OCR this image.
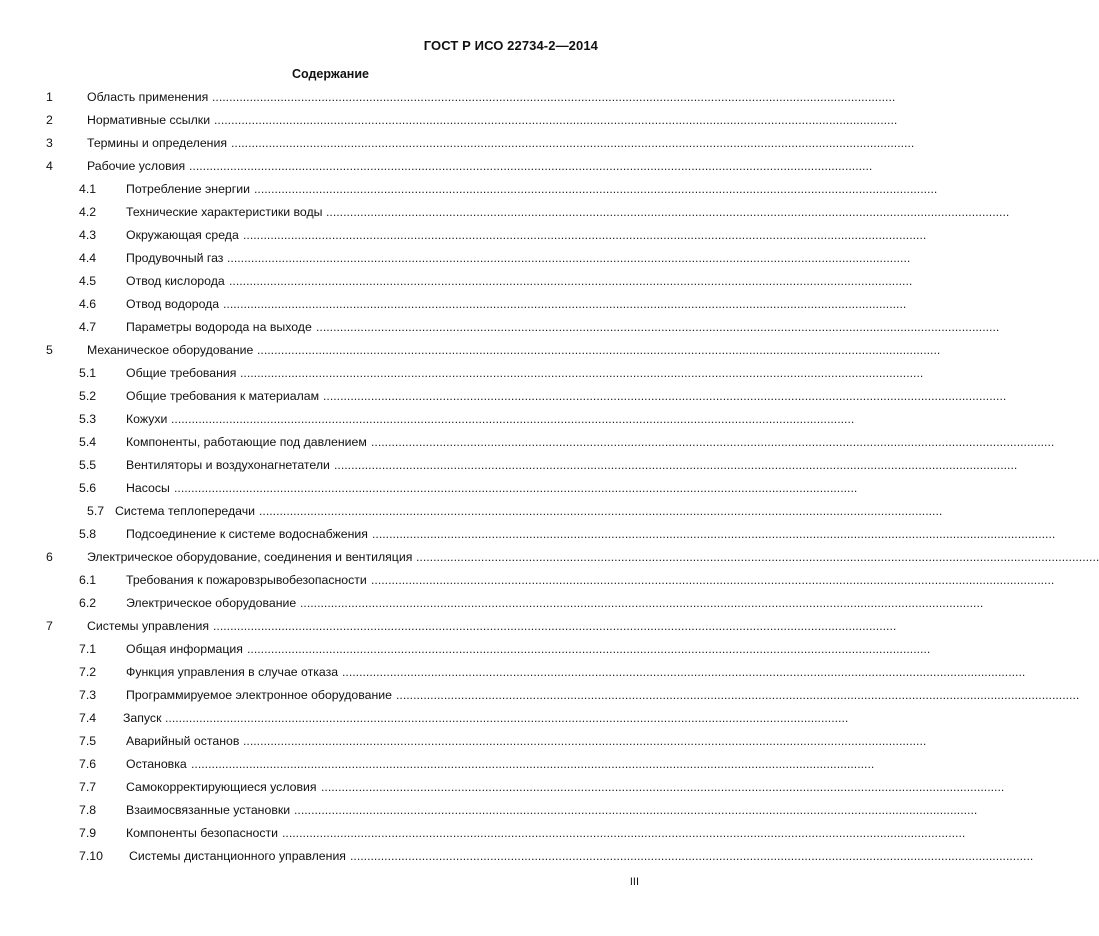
ГОСТ Р ИСО 22734-2—2014
Содержание
1	Область применения ........................................................................................................................................................................................................
2	Нормативные ссылки ........................................................................................................................................................................................................
3	Термины и определения ........................................................................................................................................................................................................
4	Рабочие условия ........................................................................................................................................................................................................
4.1 Потребление энергии ........................................................................................................................................................................................................
4.2 Технические характеристики воды ........................................................................................................................................................................................................
4.3 Окружающая среда ........................................................................................................................................................................................................
4.4 Продувочный газ ........................................................................................................................................................................................................
4.5 Отвод кислорода ........................................................................................................................................................................................................
4.6 Отвод водорода ........................................................................................................................................................................................................
4.7 Параметры водорода на выходе ........................................................................................................................................................................................................
5	Механическое оборудование ........................................................................................................................................................................................................
5.1 Общие требования ........................................................................................................................................................................................................
5.2 Общие требования к материалам ........................................................................................................................................................................................................
5.3 Кожухи ........................................................................................................................................................................................................
5.4 Компоненты, работающие под давлением ........................................................................................................................................................................................................
5.5 Вентиляторы и воздухонагнетатели ........................................................................................................................................................................................................
5.6 Насосы ........................................................................................................................................................................................................
5.7 Система теплопередачи ........................................................................................................................................................................................................
5.8 Подсоединение к системе водоснабжения ........................................................................................................................................................................................................
6	Электрическое оборудование, соединения и вентиляция ........................................................................................................................................................................................................
6.1 Требования к пожаровзрывобезопасности ........................................................................................................................................................................................................
6.2 Электрическое оборудование ........................................................................................................................................................................................................
7	Системы управления ........................................................................................................................................................................................................
7.1 Общая информация ........................................................................................................................................................................................................
7.2 Функция управления в случае отказа ........................................................................................................................................................................................................
7.3 Программируемое электронное оборудование ........................................................................................................................................................................................................
7.4 Запуск ........................................................................................................................................................................................................
7.5 Аварийный останов ........................................................................................................................................................................................................
7.6 Остановка ........................................................................................................................................................................................................
7.7 Самокорректирующиеся условия ........................................................................................................................................................................................................
7.8 Взаимосвязанные установки ........................................................................................................................................................................................................
7.9 Компоненты безопасности ........................................................................................................................................................................................................
7.10 Системы дистанционного управления ........................................................................................................................................................................................................
III
